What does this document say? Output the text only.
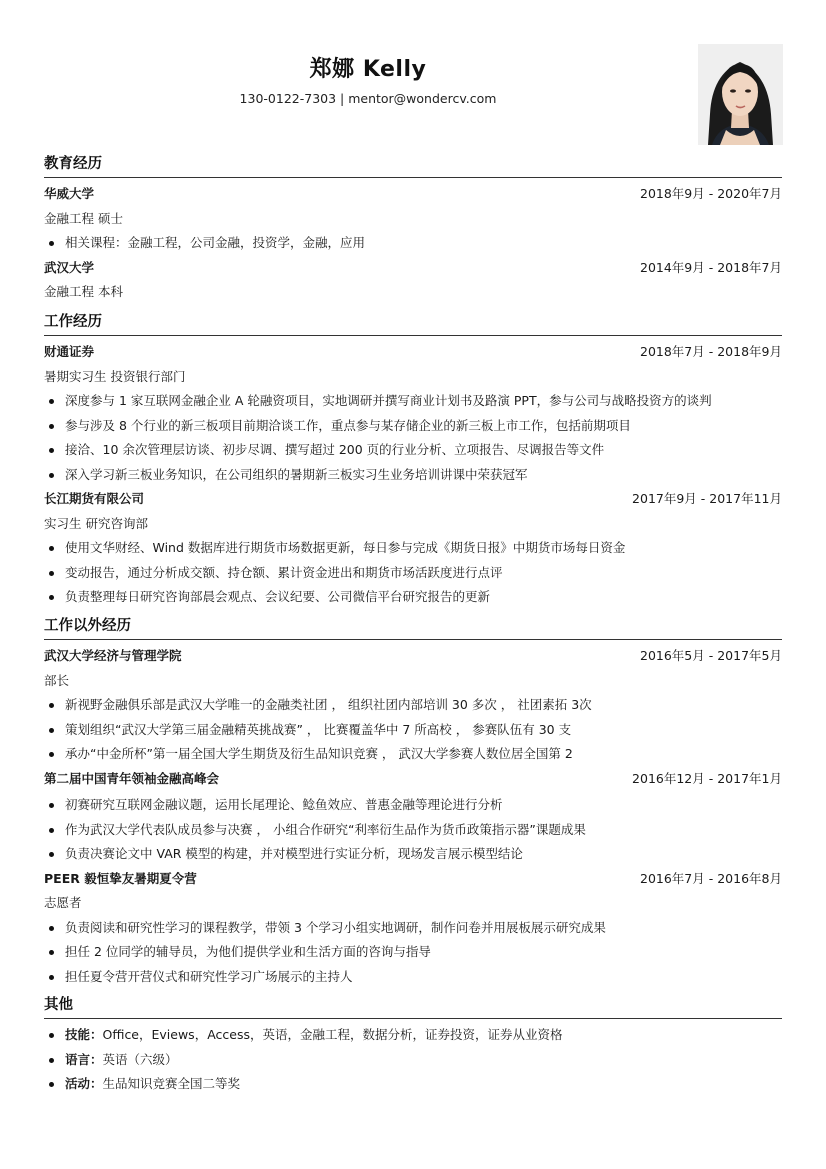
郑娜 Kelly
130-0122-7303 | mentor@wondercv.com
教育经历
华威大学	2018年9月 - 2020年7月
金融工程 硕士
相关课程：金融工程，公司金融，投资学，金融，应用
武汉大学	2014年9月 - 2018年7月
金融工程 本科
工作经历
财通证券	2018年7月 - 2018年9月
暑期实习生 投资银行部门
深度参与 1 家互联网金融企业 A 轮融资项目，实地调研并撰写商业计划书及路演 PPT，参与公司与战略投资方的谈判
参与涉及 8 个行业的新三板项目前期洽谈工作，重点参与某存储企业的新三板上市工作，包括前期项目
接洽、10 余次管理层访谈、初步尽调、撰写超过 200 页的行业分析、立项报告、尽调报告等文件
深入学习新三板业务知识，在公司组织的暑期新三板实习生业务培训讲课中荣获冠军
长江期货有限公司	2017年9月 - 2017年11月
实习生 研究咨询部
使用文华财经、Wind 数据库进行期货市场数据更新，每日参与完成《期货日报》中期货市场每日资金
变动报告，通过分析成交额、持仓额、累计资金进出和期货市场活跃度进行点评
负责整理每日研究咨询部晨会观点、会议纪要、公司微信平台研究报告的更新
工作以外经历
武汉大学经济与管理学院	2016年5月 - 2017年5月
部长
新视野金融俱乐部是武汉大学唯一的金融类社团 ， 组织社团内部培训 30 多次 ， 社团素拓 3次
策划组织“武汉大学第三届金融精英挑战赛” ， 比赛覆盖华中 7 所高校 ， 参赛队伍有 30 支
承办“中金所杯”第一届全国大学生期货及衍生品知识竞赛 ， 武汉大学参赛人数位居全国第 2
第二届中国青年领袖金融高峰会	2016年12月 - 2017年1月
初赛研究互联网金融议题，运用长尾理论、鲶鱼效应、普惠金融等理论进行分析
作为武汉大学代表队成员参与决赛 ， 小组合作研究“利率衍生品作为货币政策指示器”课题成果
负责决赛论文中 VAR 模型的构建，并对模型进行实证分析，现场发言展示模型结论
PEER 毅恒挚友暑期夏令营	2016年7月 - 2016年8月
志愿者
负责阅读和研究性学习的课程教学，带领 3 个学习小组实地调研，制作问卷并用展板展示研究成果
担任 2 位同学的辅导员，为他们提供学业和生活方面的咨询与指导
担任夏令营开营仪式和研究性学习广场展示的主持人
其他
技能：Office，Eviews，Access，英语，金融工程，数据分析，证券投资，证券从业资格
语言：英语（六级）
活动：生品知识竞赛全国二等奖
